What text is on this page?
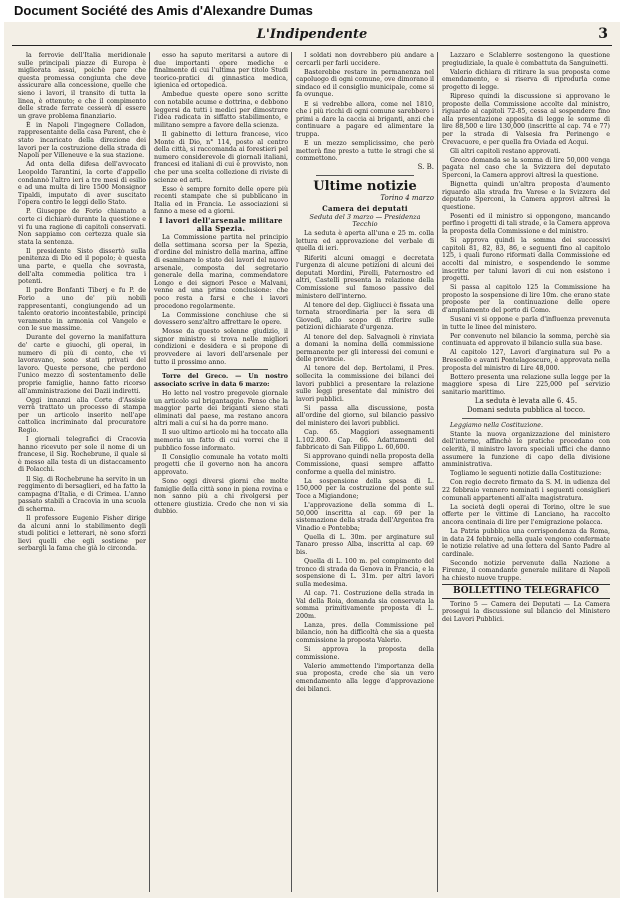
Document Société des Amis d'Alexandre Dumas
L'Indipendente	3

la ferrovie dell'Italia meridionale sulle principali piazze di Europa è migliorata assai, poichè pare che questa promessa congiunta che deve assicurare alla concessione, quelle che sieno i lavori, il transito di tutta la linea, è ottenuto; e che il compimento delle strade ferrate cesserà di essere un grave problema finanziario.

È in Napoli l'ingegnere Colladon, rappresentante della casa Parent, che è stato incaricato della direzione dei lavori per la costruzione della strada di Napoli per Villeneuve e la sua stazione.

Ad onta della difesa dell'avvocato Leopoldo Tarantini, la corte d'appello condannò l'altro ieri a tre mesi di esilio e ad una multa di lire 1500 Monsignor Tipaldi, imputato di aver suscitato l'opera contro le leggi dello Stato.

P. Giuseppe de Forio chiamato a corte ci dichiarò durante la questione e vi fu una ragione di capitoli conservati. Non sappiamo con certezza quale sia stata la sentenza.

Il presidente Sisto dissertò sulla penitenza di Dio ed il popolo; è questa una parte, e quella che sovrasta, dell'alta commedia politica tra i potenti.

Il padre Bonfanti Tiberj e fu P. de Forio a uno de' più nobili rappresentanti, congiungendo ad un talento oratorio incontestabile, principi veramente in armonia col Vangelo e con le sue massime.

Durante del governo la manifattura de' carte e giuochi, gli operai, in numero di più di cento, che vi lavoravano, sono stati privati del lavoro. Queste persone, che perdono l'unico mezzo di sostentamento delle proprie famiglie, hanno fatto ricorso all'amministrazione dei Dazii indiretti.

Oggi innanzi alla Corte d'Assisie verrà trattato un processo di stampa per un articolo inserito nell'ape cattolica incriminato dal procuratore Regio.

I giornali telegrafici di Cracovia hanno ricevuto per sole il nome di un francese, il Sig. Rochebrune, il quale si è messo alla testa di un distaccamento di Polacchi.

Il Sig. di Rochebrune ha servito in un reggimento di bersaglieri, ed ha fatto la campagna d'Italia, e di Crimea. L'anno passato stabilì a Cracovia in una scuola di scherma.

Il professore Eugenio Fisher dirige da alcuni anni lo stabilimento degli studi politici e letterari, nè sono sforzi lievi quelli che egli sostiene per serbargli la fama che già lo circonda.

esso ha saputo meritarsi a autore di due importanti opere mediche e finalmente di cui l'ultima per titolo Studi teorico-pratici di ginnastica medica, igienica ed ortopedica.

Ambedue queste opere sono scritte con notabile acume e dottrina, e debbono leggersi da tutti i medici per dimostrare l'idea radicata in siffatto stabilimento, e militano sempre a favore della scienza.

Il gabinetto di lettura francese, vico Monte di Dio, n° 114, posto al centro della città, si raccomanda ai forestieri pel numero considerevole di giornali italiani, francesi ed italiani di cui è provvisto, non che per una scelta collezione di riviste di scienze ed arti.

Esso è sempre fornito delle opere più recenti stampate che si pubblicano in Italia ed in Francia. Le associazioni si fanno a mese ed a giorni.

I lavori dell'arsenale militare alla Spezia.

La Commissione partita nel principio della settimana scorsa per la Spezia, d'ordine del ministro della marina, affine di esaminare lo stato dei lavori del nuovo arsenale, composta del segretario generale della marina, commendatore Longo e dei signori Pesce e Malvani, venne ad una prima conclusione: che poco resta a farsi e che i lavori procedono regolarmente.

La Commissione conchiuse che si dovessero senz'altro affrettare le opere.

Mosse da questo solenne giudizio, il signor ministro si trova nelle migliori condizioni e desidera e si propone di provvedere ai lavori dell'arsenale per tutto il prossimo anno.

Torre del Greco. — Un nostro associato scrive in data 6 marzo:

Ho letto nel vostro pregevole giornale un articolo sul brigantaggio. Penso che la maggior parte dei briganti sieno stati eliminati dal paese, ma restano ancora altri mali a cui si ha da porre mano.

Il suo ultimo articolo mi ha toccato alla memoria un fatto di cui vorrei che il pubblico fosse informato.

Il Consiglio comunale ha votato molti progetti che il governo non ha ancora approvato.

Sono oggi diversi giorni che molte famiglie della città sono in piena rovina e non sanno più a chi rivolgersi per ottenere giustizia. Credo che non vi sia dubbio.

I soldati non dovrebbero più andare a cercarli per farli uccidere.

Basterebbe restare in permanenza nel capoluogo di ogni comune, ove dimorano il sindaco ed il consiglio municipale, come si fa ovunque.

E si vedrebbe allora, come nel 1810, che i più ricchi di ogni comune sarebbero i primi a dare la caccia ai briganti, anzi che continuare a pagare ed alimentare la truppa.

E un mezzo semplicissimo, che però metterà fine presto a tutte le stragi che si commettono.

S. B.

Ultime notizie

Torino 4 marzo

Camera dei deputati

Seduta del 3 marzo — Presidenza Tecchio

La seduta è aperta all'una e 25 m. colla lettura ed approvazione del verbale di quella di ieri.

Riferiti alcuni omaggi e decretata l'urgenza di alcune petizioni di alcuni dei deputati Mordini, Pirelli, Paternostro ed altri, Castelli presenta la relazione della Commissione sul famoso passivo del ministero dell'interno.

Al tenore del dep. Gigliucci è fissata una tornata straordinaria per la sera di Giovedì, allo scopo di riferire sulle petizioni dichiarate d'urgenza.

Al tenore del dep. Salvagnoli è rinviata a domani la nomina della commissione permanente per gli interessi dei comuni e delle provincie.

Al tenore del dep. Bertolami, il Pres. sollecita la commissione dei bilanci dei lavori pubblici a presentare la relazione sulle leggi presentate dal ministro dei lavori pubblici.

Si passa alla discussione, posta all'ordine del giorno, sul bilancio passivo del ministero dei lavori pubblici.

Cap. 65. Maggiori assegnamenti L.102.800. Cap. 66. Adattamenti del fabbricato di San Filippo L. 60,600.

Si approvano quindi nella proposta della Commissione, quasi sempre affatto conforme a quella del ministro.

La sospensione della spesa di L. 150,000 per la costruzione del ponte sul Toce a Migiandone;

L'approvazione della somma di L. 50,000 inscritta al cap. 69 per la sistemazione della strada dell'Argentea fra Vinadio e Pontebba;

Quella di L. 30m. per arginature sul Tanaro presso Alba, inscritta al cap. 69 bis.

Quella di L. 100 m. pel compimento del tronco di strada da Genova in Francia, e la sospensione di L. 31m. per altri lavori sulla medesima.

Al cap. 71. Costruzione della strada in Val della Roia, domanda sia conservata la somma primitivamente proposta di L. 200m.

Lanza, pres. della Commissione pel bilancio, non ha difficoltà che sia a questa commissione la proposta Valerio.

Si approva la proposta della commissione.

Valerio ammettendo l'importanza della sua proposta, crede che sia un vero emendamento alla legge d'approvazione dei bilanci.

Lazzaro e Sclablerre sostengono la questione pregiudiziale, la quale è combattuta da Sanguinetti.

Valerio dichiara di ritirare la sua proposta come emendamento, e si riserva di riprodurla come progetto di legge.

Ripreso quindi la discussione si approvano le proposte della Commissione accolte dal ministro, riguardo al capitoli 72-85, cessa al sospendere fino alla presentazione apposita di legge le somme di lire 88,500 e lire 130,000 (inscritte al cap. 74 e 77) per la strada di Valsesia fra Perinengo e Crevacuore, e per quella fra Oviada ed Acqui.

Gli altri capitoli restano approvati.

Greco domanda se la somma di lire 50,000 venga pagata nel caso che la Svizzera del deputato Sperconi, la Camera approvi altresì la questione.

Bignetta quindi un'altra proposta d'aumento riguardo alla strada fra Varese e la Svizzera del deputato Sperconi, la Camera approvi altresì la questione.

Posenti ed il ministro si oppongono, mancando perfino i progetti di tali strade, e la Camera approva la proposta della Commissione e del ministro.

Si approva quindi la somma dei successivi capitoli 81, 82, 83, 86, e seguenti fino al capitolo 125, i quali furono riformati dalla Commissione ed accolti dal ministro, e sospendendo le somme inscritte per taluni lavori di cui non esistono i progetti.

Si passa al capitolo 125 la Commissione ha proposto la sospensione di lire 10m. che erano state proposte per la continuazione delle opere d'ampliamento del porto di Como.

Susani vi si oppone e parla d'influenza prevenuta in tutte le linee del ministero.

Per convenuto nel bilancio la somma, perchè sia continuata ed approvato il bilancio sulla sua base.

Al capitolo 127, Lavori d'arginatura sul Po a Brescello e avanti Pontelagoscuro, è approvata nella proposta del ministro di Lire 48,000.

Bottero presenta una relazione sulla legge per la maggiore spesa di Lire 225,000 pel servizio sanitario marittimo.

La seduta è levata alle 6. 45.

Domani seduta pubblica al tocco.

Leggiamo nella Costituzione.

Stante la nuova organizzazione del ministero dell'interno, affinchè le pratiche procedano con celerità, il ministro lavora speciali uffici che danno assumere la funzione di capo della divisione amministrativa.

Togliamo le seguenti notizie dalla Costituzione:

Con regio decreto firmato da S. M. in udienza del 22 febbraio vennero nominati i seguenti consiglieri comunali appartenenti all'alta magistratura.

La società degli operai di Torino, oltre le sue offerte per le vittime di Lanciano, ha raccolto ancora centinaia di lire per l'emigrazione polacca.

La Patria pubblica una corrispondenza da Roma, in data 24 febbraio, nella quale vengono confermate le notizie relative ad una lettera del Santo Padre al cardinale.

Secondo notizie pervenute dalla Nazione a Firenze, il comandante generale militare di Napoli ha chiesto nuove truppe.

BOLLETTINO TELEGRAFICO

Torino 5 — Camera dei Deputati — La Camera prosegui la discussione sul bilancio del Ministero dei Lavori Pubblici.
